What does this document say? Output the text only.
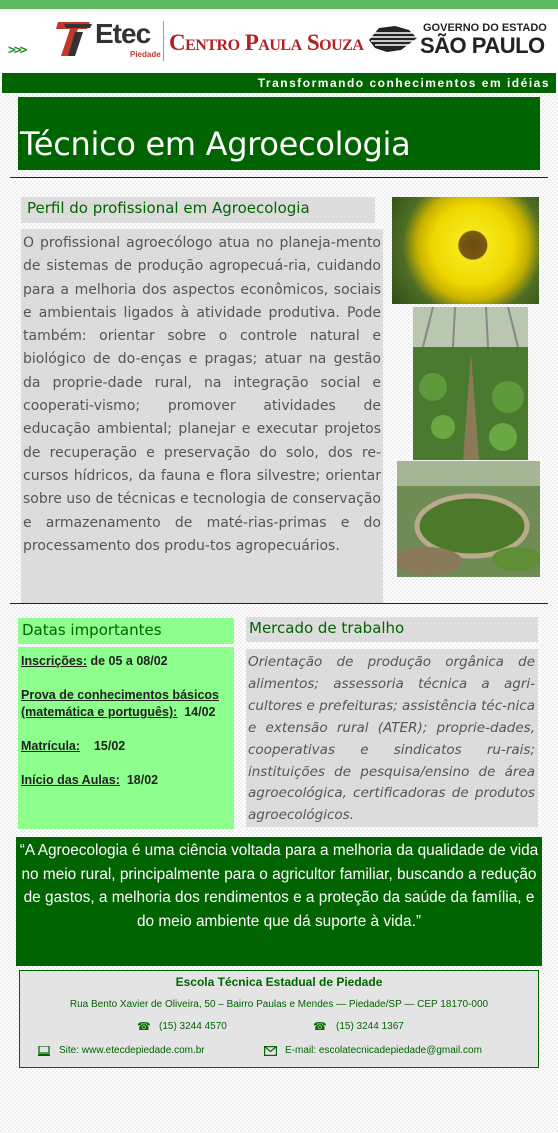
>>>
Etec
Piedade Centro Paula Souza
GOVERNO DO ESTADO
SÃO PAULO
Transformando conhecimentos em idéias
Técnico em Agroecologia
Perfil do profissional em Agroecologia
O profissional agroecólogo atua no planeja-mento de sistemas de produção agropecuá-ria, cuidando para a melhoria dos aspectos econômicos, sociais e ambientais ligados à atividade produtiva. Pode também: orientar sobre o controle natural e biológico de do-enças e pragas; atuar na gestão da proprie-dade rural, na integração social e cooperati-vismo; promover atividades de educação ambiental; planejar e executar projetos de recuperação e preservação do solo, dos re-cursos hídricos, da fauna e flora silvestre; orientar sobre uso de técnicas e tecnologia de conservação e armazenamento de maté-rias-primas e do processamento dos produ-tos agropecuários.
Datas importantes
Inscrições: de 05 a 08/02
Prova de conhecimentos básicos
(matemática e português):  14/02
Matrícula:    15/02
Início das Aulas:  18/02
Mercado de trabalho
Orientação de produção orgânica de alimentos; assessoria técnica a agri-cultores e prefeituras; assistência téc-nica e extensão rural (ATER); proprie-dades, cooperativas e sindicatos ru-rais; instituições de pesquisa/ensino de área agroecológica, certificadoras de produtos agroecológicos.
“A Agroecologia é uma ciência voltada para a melhoria da qualidade de vida no meio rural, principalmente para o agricultor familiar, buscando a redução de gastos, a melhoria dos rendimentos e a proteção da saúde da família, e do meio ambiente que dá suporte à vida.”
Escola Técnica Estadual de Piedade
Rua Bento Xavier de Oliveira, 50 – Bairro Paulas e Mendes — Piedade/SP — CEP 18170-000
☎ (15) 3244 4570	☎ (15) 3244 1367
Site: www.etecdepiedade.com.br	E-mail: escolatecnicadepiedade@gmail.com
